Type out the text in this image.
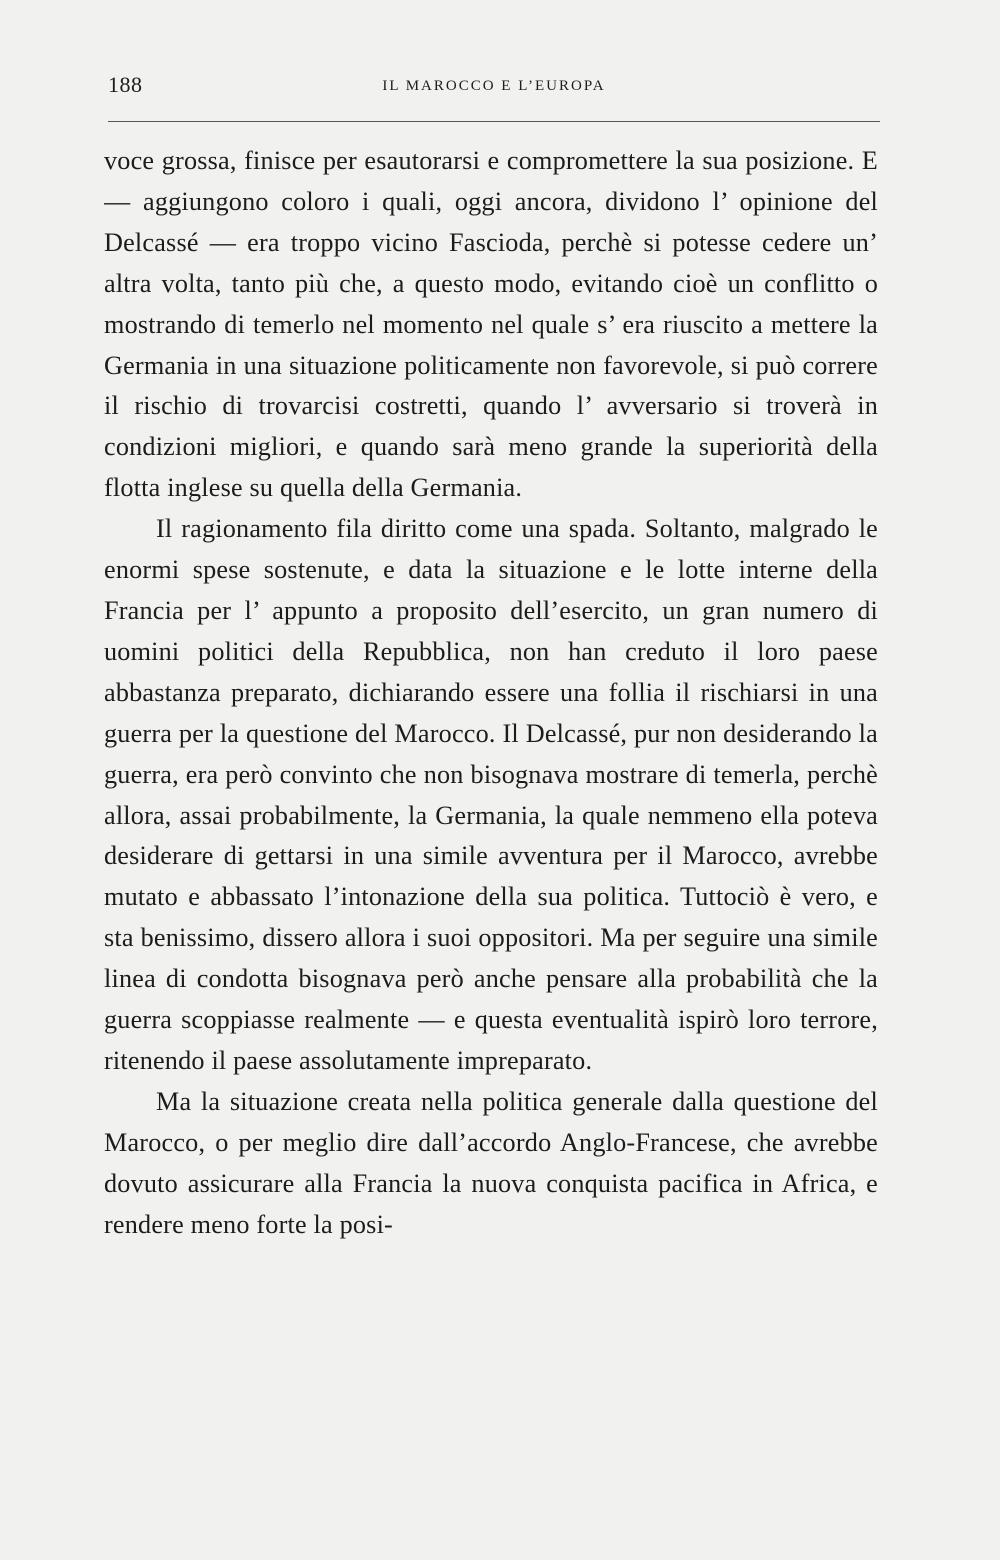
188	IL MAROCCO E L’EUROPA

voce grossa, finisce per esautorarsi e compromettere la sua posizione. E — aggiungono coloro i quali, oggi ancora, dividono l’ opinione del Delcassé — era troppo vicino Fascioda, perchè si potesse cedere un’ altra volta, tanto più che, a questo modo, evitando cioè un conflitto o mostrando di temerlo nel momento nel quale s’ era riuscito a mettere la Germania in una situazione politicamente non favorevole, si può correre il rischio di trovarcisi costretti, quando l’ avversario si troverà in condizioni migliori, e quando sarà meno grande la superiorità della flotta inglese su quella della Germania.

Il ragionamento fila diritto come una spada. Soltanto, malgrado le enormi spese sostenute, e data la situazione e le lotte interne della Francia per l’ appunto a proposito dell’esercito, un gran numero di uomini politici della Repubblica, non han creduto il loro paese abbastanza preparato, dichiarando essere una follia il rischiarsi in una guerra per la questione del Marocco. Il Delcassé, pur non desiderando la guerra, era però convinto che non bisognava mostrare di temerla, perchè allora, assai probabilmente, la Germania, la quale nemmeno ella poteva desiderare di gettarsi in una simile avventura per il Marocco, avrebbe mutato e abbassato l’intonazione della sua politica. Tuttociò è vero, e sta benissimo, dissero allora i suoi oppositori. Ma per seguire una simile linea di condotta bisognava però anche pensare alla probabilità che la guerra scoppiasse realmente — e questa eventualità ispirò loro terrore, ritenendo il paese assolutamente impreparato.

Ma la situazione creata nella politica generale dalla questione del Marocco, o per meglio dire dall’accordo Anglo-Francese, che avrebbe dovuto assicurare alla Francia la nuova conquista pacifica in Africa, e rendere meno forte la posi-
